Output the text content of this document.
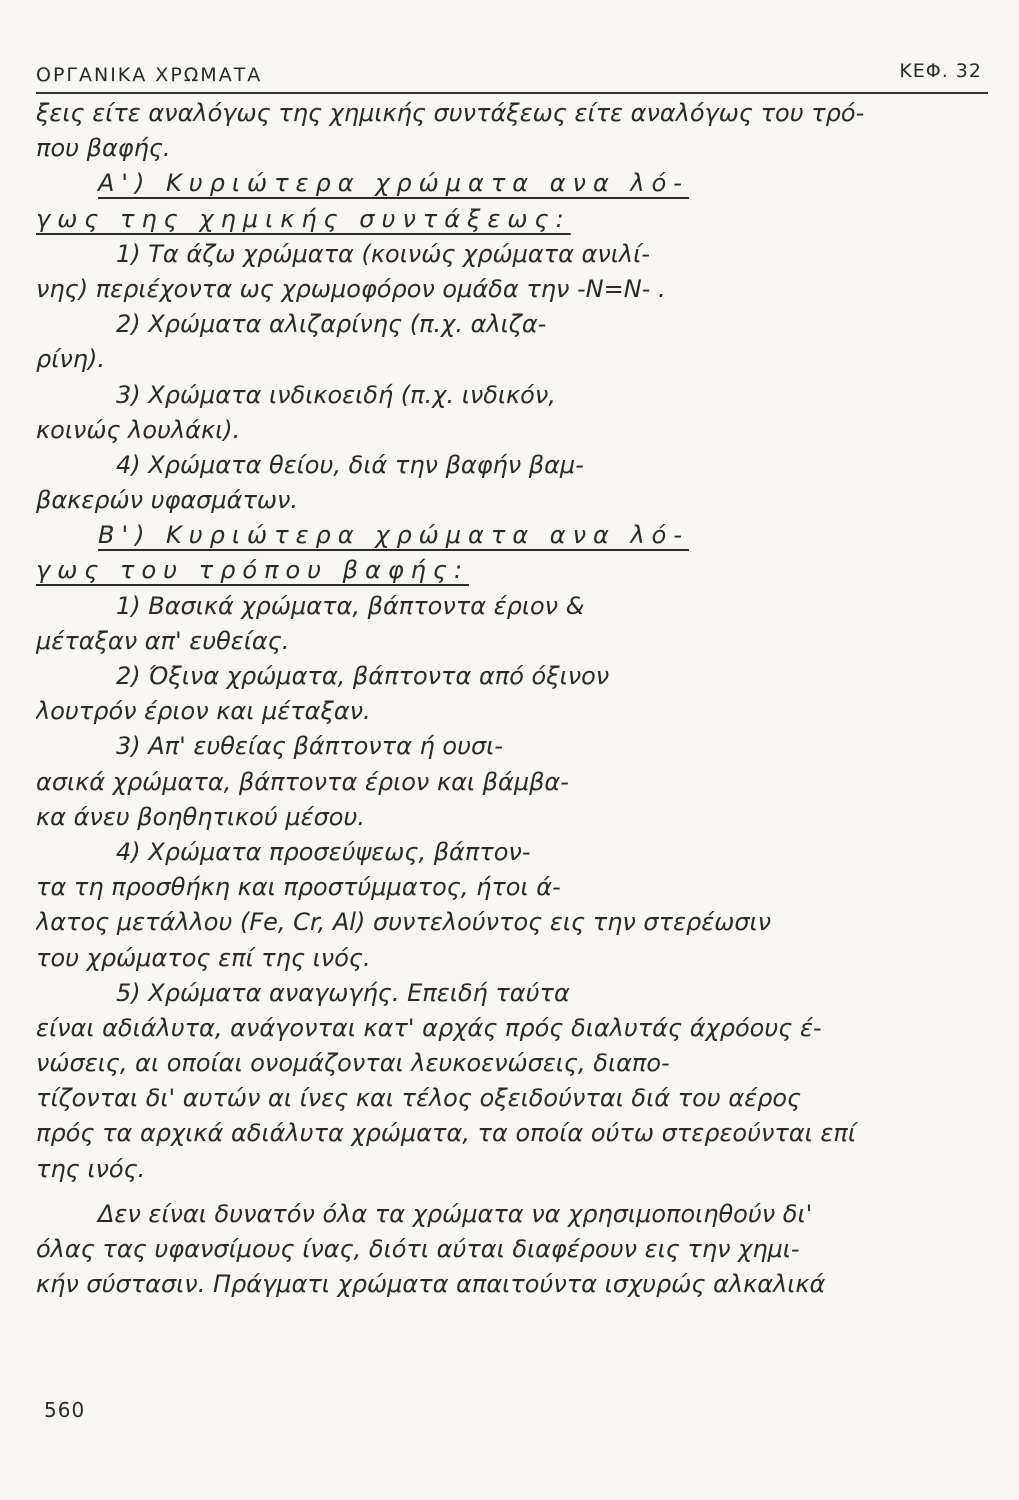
ΟΡΓΑΝΙΚΑ ΧΡΩΜΑΤΑ	ΚΕΦ. 32
ξεις είτε αναλόγως της χημικής συντάξεως είτε αναλόγως του τρό-
που βαφής.
Α') Κυριώτερα χρώματα ανα λό-
γως της χημικής συντάξεως:
1) Τα άζω χρώματα (κοινώς χρώματα ανιλί-
νης) περιέχοντα ως χρωμοφόρον ομάδα την -N=N- .
2) Χρώματα αλιζαρίνης (π.χ. αλιζα-
ρίνη).
3) Χρώματα ινδικοειδή (π.χ. ινδικόν,
κοινώς λουλάκι).
4) Χρώματα θείου, διά την βαφήν βαμ-
βακερών υφασμάτων.
Β') Κυριώτερα χρώματα ανα λό-
γως του τρόπου βαφής:
1) Βασικά χρώματα, βάπτοντα έριον &
μέταξαν απ' ευθείας.
2) Όξινα χρώματα, βάπτοντα από όξινον
λουτρόν έριον και μέταξαν.
3) Απ' ευθείας βάπτοντα ή ουσι-
ασικά χρώματα, βάπτοντα έριον και βάμβα-
κα άνευ βοηθητικού μέσου.
4) Χρώματα προσεύψεως, βάπτον-
τα τη προσθήκη και προστύμματος, ήτοι ά-
λατος μετάλλου (Fe, Cr, Al) συντελούντος εις την στερέωσιν
του χρώματος επί της ινός.
5) Χρώματα αναγωγής. Επειδή ταύτα
είναι αδιάλυτα, ανάγονται κατ' αρχάς πρός διαλυτάς άχρόους έ-
νώσεις, αι οποίαι ονομάζονται λευκοενώσεις, διαπο-
τίζονται δι' αυτών αι ίνες και τέλος οξειδούνται διά του αέρος
πρός τα αρχικά αδιάλυτα χρώματα, τα οποία ούτω στερεούνται επί
της ινός.
Δεν είναι δυνατόν όλα τα χρώματα να χρησιμοποιηθούν δι'
όλας τας υφανσίμους ίνας, διότι αύται διαφέρουν εις την χημι-
κήν σύστασιν. Πράγματι χρώματα απαιτούντα ισχυρώς αλκαλικά
560
